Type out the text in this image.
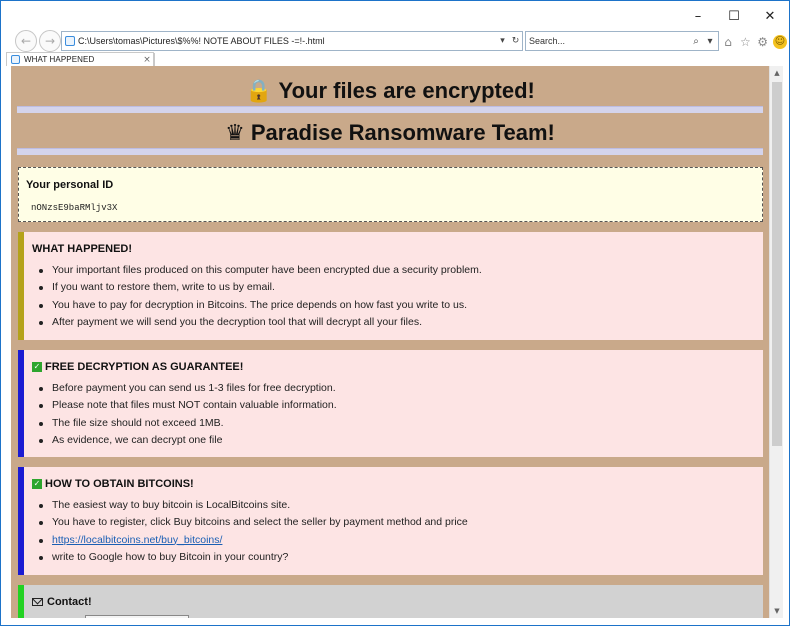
–	☐	✕
←	→	C:\Users\tomas\Pictures\$%%! NOTE ABOUT FILES -=!-.html	▾ ↻
Search...	⌕ ▾ ⌂ ☆ ⚙ ☺
WHAT HAPPENED	×
🔒 Your files are encrypted!
♛ Paradise Ransomware Team!
Your personal ID
nONzsE9baRMljv3X
WHAT HAPPENED!
Your important files produced on this computer have been encrypted due a security problem.
If you want to restore them, write to us by email.
You have to pay for decryption in Bitcoins. The price depends on how fast you write to us.
After payment we will send you the decryption tool that will decrypt all your files.
✓ FREE DECRYPTION AS GUARANTEE!
Before payment you can send us 1-3 files for free decryption.
Please note that files must NOT contain valuable information.
The file size should not exceed 1MB.
As evidence, we can decrypt one file
✓ HOW TO OBTAIN BITCOINS!
The easiest way to buy bitcoin is LocalBitcoins site.
You have to register, click Buy bitcoins and select the seller by payment method and price
https://localbitcoins.net/buy_bitcoins/
write to Google how to buy Bitcoin in your country?
Contact!
▲
▼
